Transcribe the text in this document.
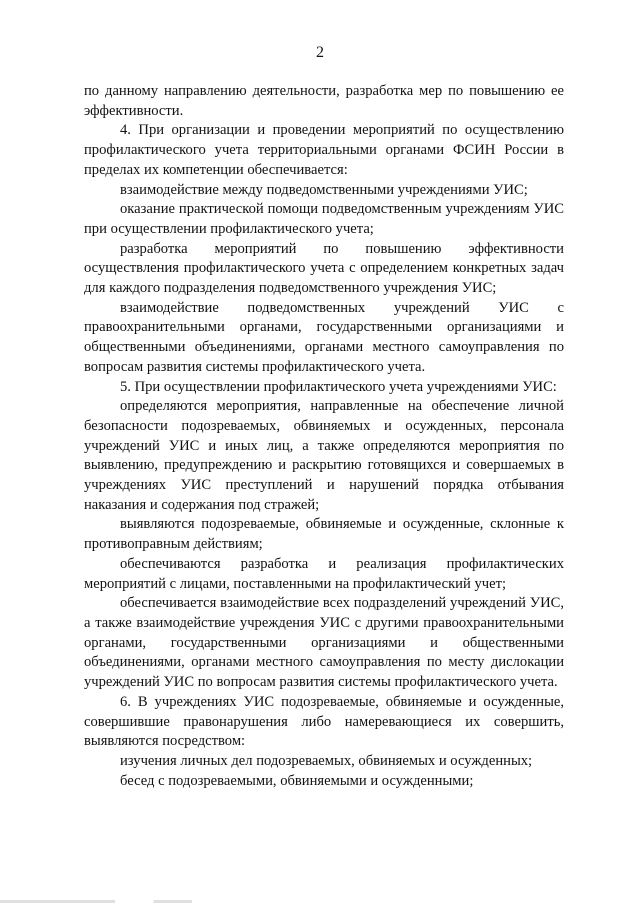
2

по данному направлению деятельности, разработка мер по повышению ее эффективности.

4. При организации и проведении мероприятий по осуществлению профилактического учета территориальными органами ФСИН России в пределах их компетенции обеспечивается:

взаимодействие между подведомственными учреждениями УИС;

оказание практической помощи подведомственным учреждениям УИС при осуществлении профилактического учета;

разработка мероприятий по повышению эффективности осуществления профилактического учета с определением конкретных задач для каждого подразделения подведомственного учреждения УИС;

взаимодействие подведомственных учреждений УИС с правоохранительными органами, государственными организациями и общественными объединениями, органами местного самоуправления по вопросам развития системы профилактического учета.

5. При осуществлении профилактического учета учреждениями УИС:

определяются мероприятия, направленные на обеспечение личной безопасности подозреваемых, обвиняемых и осужденных, персонала учреждений УИС и иных лиц, а также определяются мероприятия по выявлению, предупреждению и раскрытию готовящихся и совершаемых в учреждениях УИС преступлений и нарушений порядка отбывания наказания и содержания под стражей;

выявляются подозреваемые, обвиняемые и осужденные, склонные к противоправным действиям;

обеспечиваются разработка и реализация профилактических мероприятий с лицами, поставленными на профилактический учет;

обеспечивается взаимодействие всех подразделений учреждений УИС, а также взаимодействие учреждения УИС с другими правоохранительными органами, государственными организациями и общественными объединениями, органами местного самоуправления по месту дислокации учреждений УИС по вопросам развития системы профилактического учета.

6. В учреждениях УИС подозреваемые, обвиняемые и осужденные, совершившие правонарушения либо намеревающиеся их совершить, выявляются посредством:

изучения личных дел подозреваемых, обвиняемых и осужденных;

бесед с подозреваемыми, обвиняемыми и осужденными;
